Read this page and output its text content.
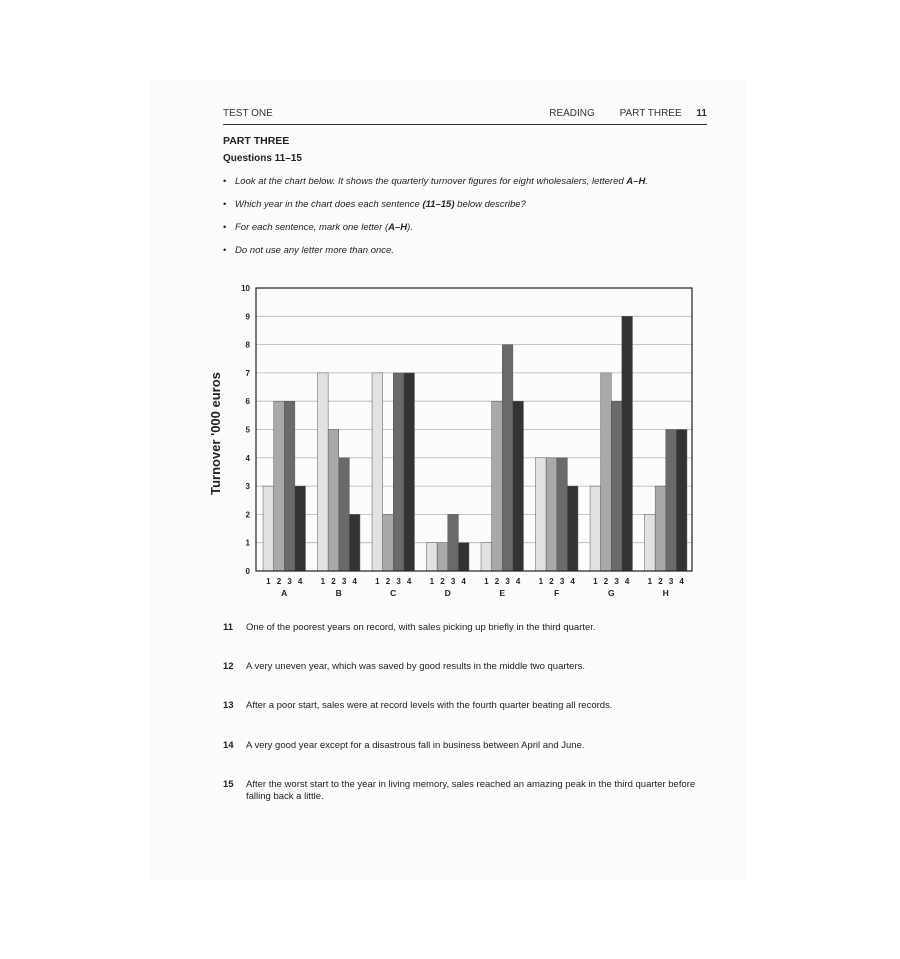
TEST ONE	READING PART THREE 11
PART THREE
Questions 11–15
• Look at the chart below. It shows the quarterly turnover figures for eight wholesalers, lettered A–H.
• Which year in the chart does each sentence (11–15) below describe?
• For each sentence, mark one letter (A–H).
• Do not use any letter more than once.
0
1
2
3
4
5
6
7
8
9
10
1 2 3 4
A
1 2 3 4
B
1 2 3 4
C
1 2 3 4
D
1 2 3 4
E
1 2 3 4
F
1 2 3 4
G
1 2 3 4
H
Turnover '000 euros
11 One of the poorest years on record, with sales picking up briefly in the third quarter.
12 A very uneven year, which was saved by good results in the middle two quarters.
13 After a poor start, sales were at record levels with the fourth quarter beating all records.
14 A very good year except for a disastrous fall in business between April and June.
15 After the worst start to the year in living memory, sales reached an amazing peak in the third quarter before falling back a little.
